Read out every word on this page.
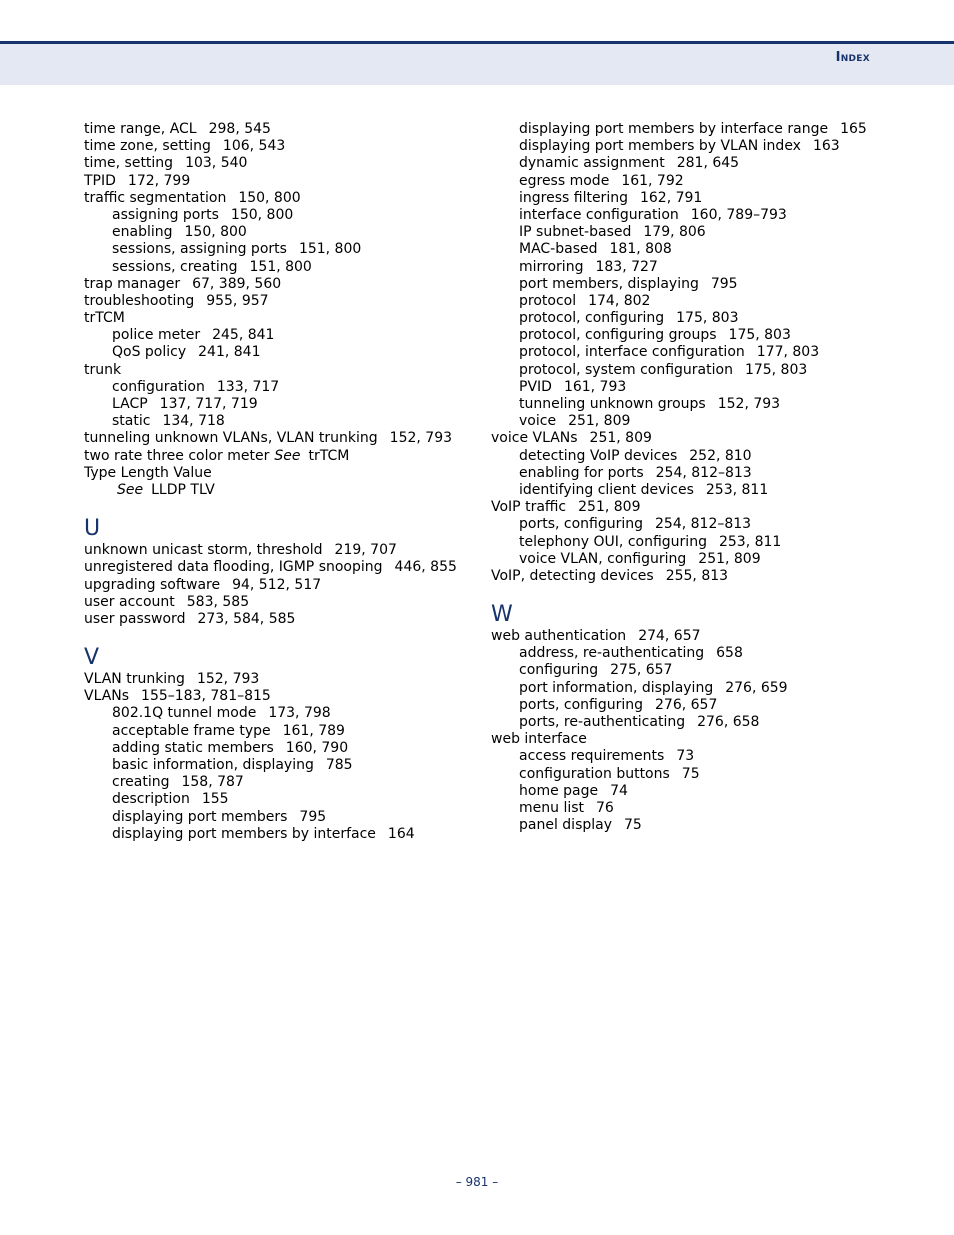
Index
time range, ACL 298, 545
time zone, setting 106, 543
time, setting 103, 540
TPID 172, 799
traffic segmentation 150, 800
assigning ports 150, 800
enabling 150, 800
sessions, assigning ports 151, 800
sessions, creating 151, 800
trap manager 67, 389, 560
troubleshooting 955, 957
trTCM
police meter 245, 841
QoS policy 241, 841
trunk
configuration 133, 717
LACP 137, 717, 719
static 134, 718
tunneling unknown VLANs, VLAN trunking 152, 793
two rate three color meter See trTCM
Type Length Value
See LLDP TLV
U
unknown unicast storm, threshold 219, 707
unregistered data flooding, IGMP snooping 446, 855
upgrading software 94, 512, 517
user account 583, 585
user password 273, 584, 585
V
VLAN trunking 152, 793
VLANs 155–183, 781–815
802.1Q tunnel mode 173, 798
acceptable frame type 161, 789
adding static members 160, 790
basic information, displaying 785
creating 158, 787
description 155
displaying port members 795
displaying port members by interface 164
displaying port members by interface range 165
displaying port members by VLAN index 163
dynamic assignment 281, 645
egress mode 161, 792
ingress filtering 162, 791
interface configuration 160, 789–793
IP subnet-based 179, 806
MAC-based 181, 808
mirroring 183, 727
port members, displaying 795
protocol 174, 802
protocol, configuring 175, 803
protocol, configuring groups 175, 803
protocol, interface configuration 177, 803
protocol, system configuration 175, 803
PVID 161, 793
tunneling unknown groups 152, 793
voice 251, 809
voice VLANs 251, 809
detecting VoIP devices 252, 810
enabling for ports 254, 812–813
identifying client devices 253, 811
VoIP traffic 251, 809
ports, configuring 254, 812–813
telephony OUI, configuring 253, 811
voice VLAN, configuring 251, 809
VoIP, detecting devices 255, 813
W
web authentication 274, 657
address, re-authenticating 658
configuring 275, 657
port information, displaying 276, 659
ports, configuring 276, 657
ports, re-authenticating 276, 658
web interface
access requirements 73
configuration buttons 75
home page 74
menu list 76
panel display 75
– 981 –
